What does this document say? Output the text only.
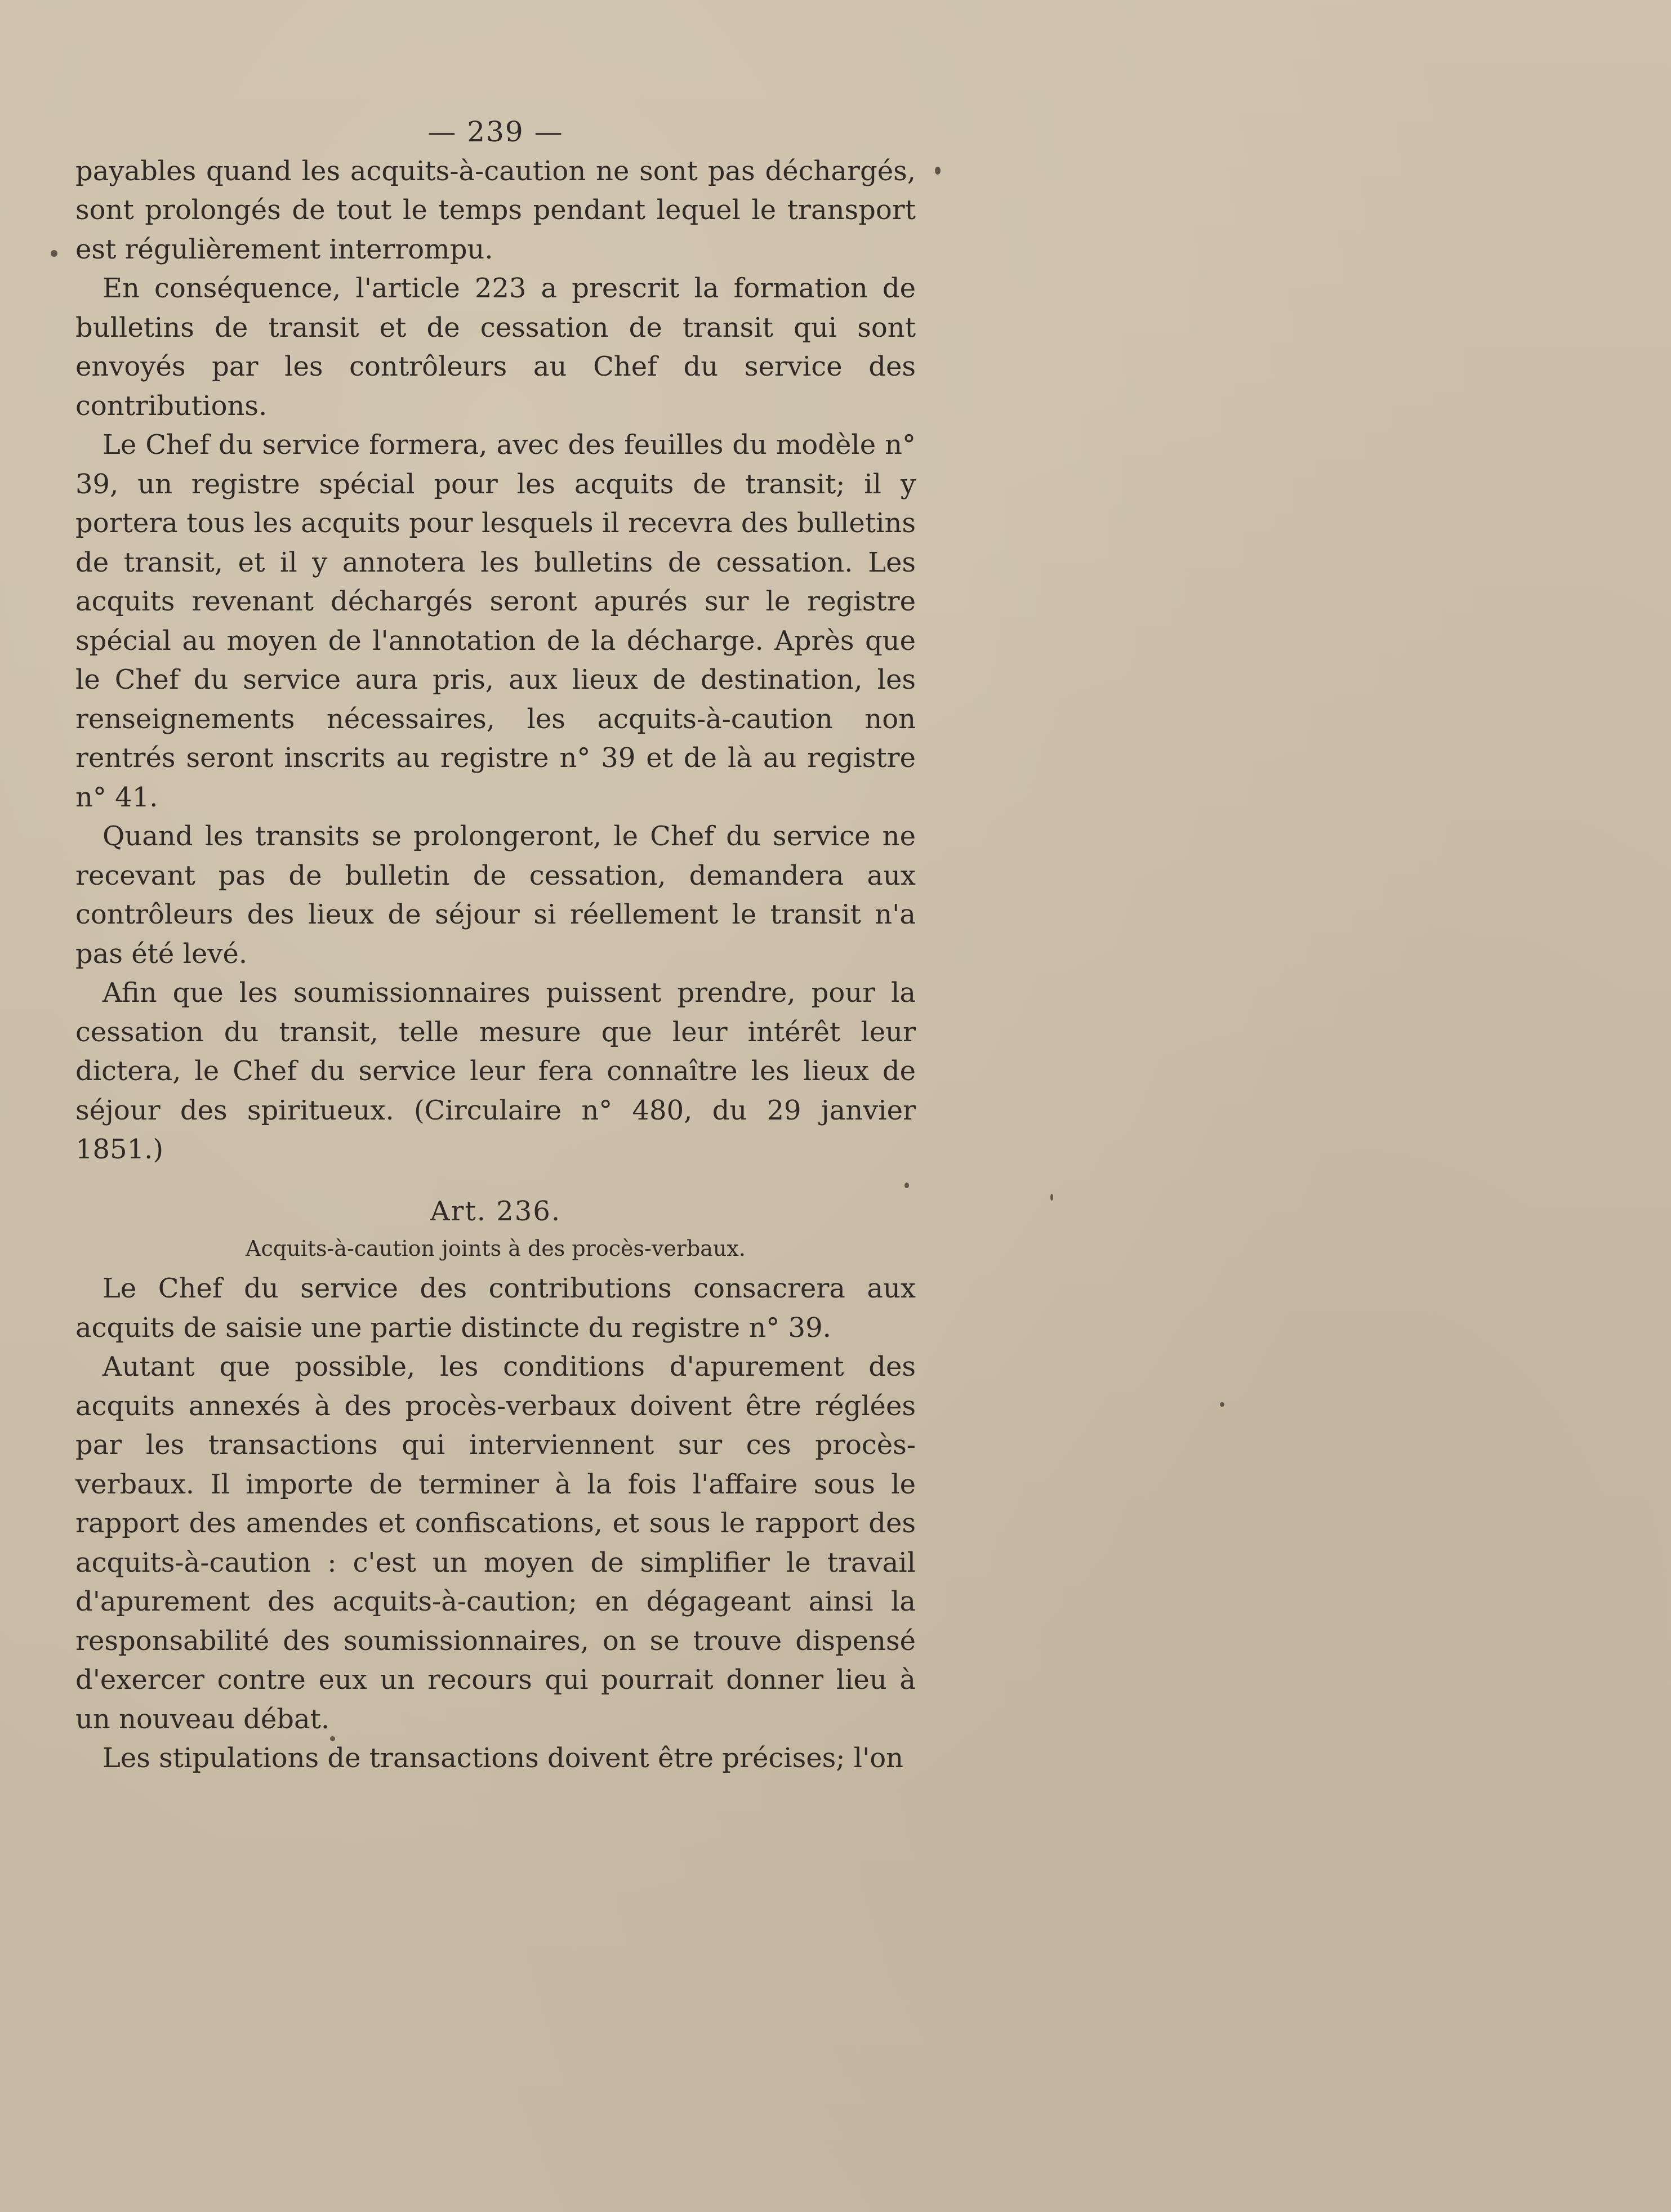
— 239 —

payables quand les acquits-à-caution ne sont pas déchargés, sont prolongés de tout le temps pendant lequel le transport est régulièrement interrompu.

En conséquence, l'article 223 a prescrit la formation de bulletins de transit et de cessation de transit qui sont envoyés par les contrôleurs au Chef du service des contributions.

Le Chef du service formera, avec des feuilles du modèle n° 39, un registre spécial pour les acquits de transit; il y portera tous les acquits pour lesquels il recevra des bulletins de transit, et il y annotera les bulletins de cessation. Les acquits revenant déchargés seront apurés sur le registre spécial au moyen de l'annotation de la décharge. Après que le Chef du service aura pris, aux lieux de destination, les renseignements nécessaires, les acquits-à-caution non rentrés seront inscrits au registre n° 39 et de là au registre n° 41.

Quand les transits se prolongeront, le Chef du service ne recevant pas de bulletin de cessation, demandera aux contrôleurs des lieux de séjour si réellement le transit n'a pas été levé.

Afin que les soumissionnaires puissent prendre, pour la cessation du transit, telle mesure que leur intérêt leur dictera, le Chef du service leur fera connaître les lieux de séjour des spiritueux. (Circulaire n° 480, du 29 janvier 1851.)

Art. 236.
Acquits-à-caution joints à des procès-verbaux.

Le Chef du service des contributions consacrera aux acquits de saisie une partie distincte du registre n° 39.

Autant que possible, les conditions d'apurement des acquits annexés à des procès-verbaux doivent être réglées par les transactions qui interviennent sur ces procès-verbaux. Il importe de terminer à la fois l'affaire sous le rapport des amendes et confiscations, et sous le rapport des acquits-à-caution : c'est un moyen de simplifier le travail d'apurement des acquits-à-caution; en dégageant ainsi la responsabilité des soumissionnaires, on se trouve dispensé d'exercer contre eux un recours qui pourrait donner lieu à un nouveau débat.

Les stipulations de transactions doivent être précises; l'on
